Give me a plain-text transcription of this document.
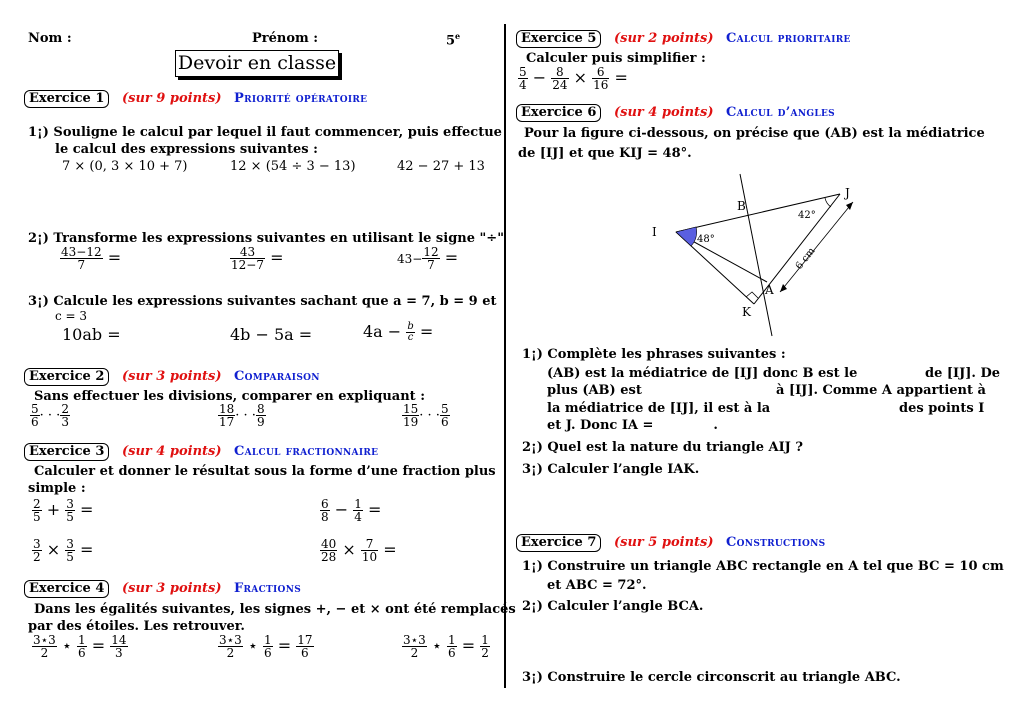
Nom :	Prénom :	5e
Devoir en classe
Exercice 1	(sur 9 points) Priorité opératoire
1¡) Souligne le calcul par lequel il faut commencer, puis effectue
le calcul des expressions suivantes :
7 × (0, 3 × 10 + 7)	12 × (54 ÷ 3 − 13)	42 − 27 + 13
2¡) Transforme les expressions suivantes en utilisant le signe "÷"
$\frac{43-12}{7}$ =	$\frac{43}{12-7}$ =	$43- \frac{12}{7}$ =
3¡) Calcule les expressions suivantes sachant que a = 7, b = 9 et
c = 3
10ab =	4b − 5a =	$4a - \frac{b}{c}$ =
Exercice 2	(sur 3 points) Comparaison
Sans effectuer les divisions, comparer en expliquant :
$\frac{5}{6}$ · · · $\frac{2}{3}$	$\frac{18}{17}$ · · · $\frac{8}{9}$	$\frac{15}{19}$ · · · $\frac{5}{6}$
Exercice 3	(sur 4 points) Calcul fractionnaire
Calculer et donner le résultat sous la forme d’une fraction plus
simple :
$\frac{2}{5} + \frac{3}{5}$ =	$\frac{6}{8} - \frac{1}{4}$ =
$\frac{3}{2} \times \frac{3}{5}$ =	$\frac{40}{28} \times \frac{7}{10}$ =
Exercice 4	(sur 3 points) Fractions
Dans les égalités suivantes, les signes +, − et × ont été remplacés
par des étoiles. Les retrouver.
$\frac{3⋆3}{2}$ ⋆ $\frac{1}{6} = \frac{14}{3}$	$\frac{3⋆3}{2}$ ⋆ $\frac{1}{6} = \frac{17}{6}$	$\frac{3⋆3}{2}$ ⋆ $\frac{1}{6} = \frac{1}{2}$
Exercice 5	(sur 2 points) Calcul prioritaire
Calculer puis simplifier :
$\frac{5}{4} - \frac{8}{24} \times \frac{6}{16}$ =
Exercice 6	(sur 4 points) Calcul d’angles
Pour la figure ci-dessous, on précise que (AB) est la médiatrice
de [IJ] et que KIJ = 48°.
I
J
B
A
K
48°
42°
6 cm
1¡) Complète les phrases suivantes :
(AB) est la médiatrice de [IJ] donc B est le	de [IJ]. De
plus (AB) est	à [IJ]. Comme A appartient à
la médiatrice de [IJ], il est à la	des points I
et J. Donc IA =	.
2¡) Quel est la nature du triangle AIJ ?
3¡) Calculer l’angle IAK.
Exercice 7	(sur 5 points) Constructions
1¡) Construire un triangle ABC rectangle en A tel que BC = 10 cm
et ABC = 72°.
2¡) Calculer l’angle BCA.
3¡) Construire le cercle circonscrit au triangle ABC.
